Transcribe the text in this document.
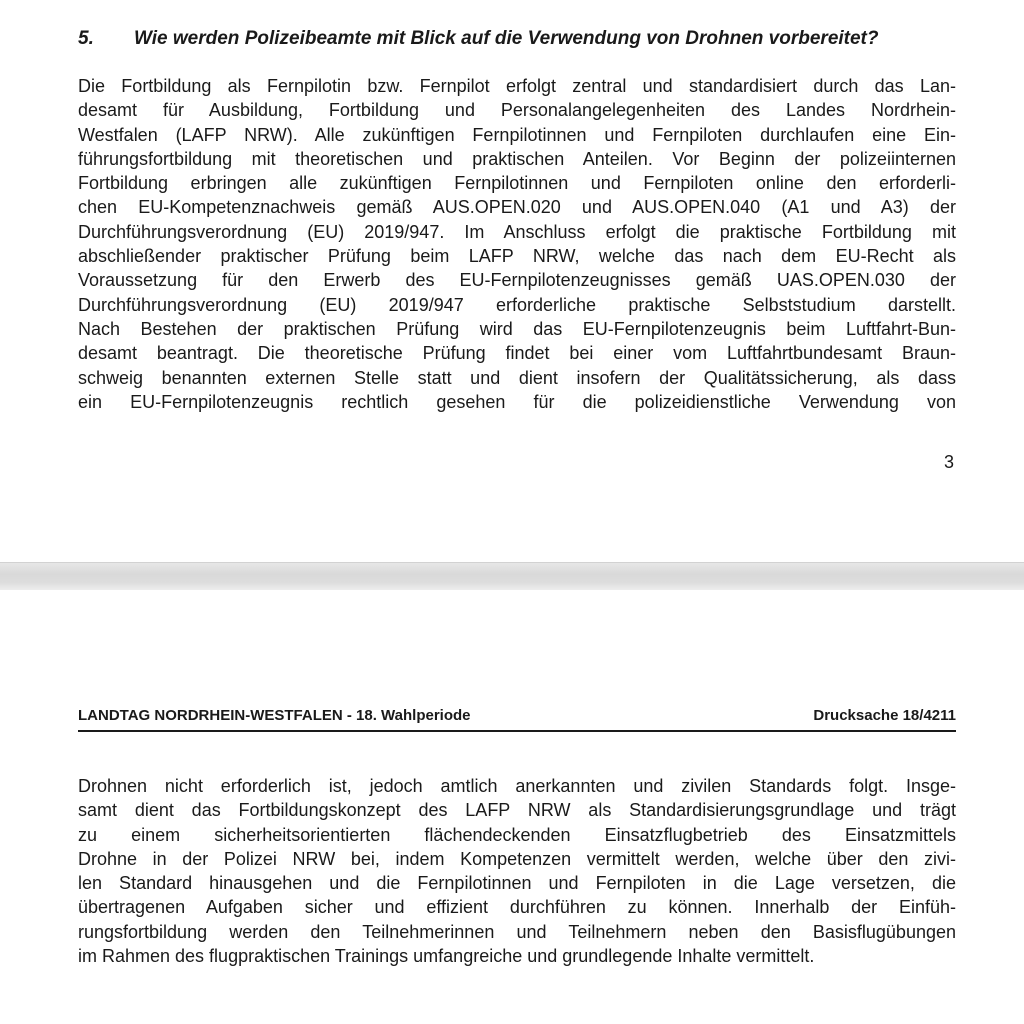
5. Wie werden Polizeibeamte mit Blick auf die Verwendung von Drohnen vorbereitet?
Die Fortbildung als Fernpilotin bzw. Fernpilot erfolgt zentral und standardisiert durch das Lan-
desamt für Ausbildung, Fortbildung und Personalangelegenheiten des Landes Nordrhein-
Westfalen (LAFP NRW). Alle zukünftigen Fernpilotinnen und Fernpiloten durchlaufen eine Ein-
führungsfortbildung mit theoretischen und praktischen Anteilen. Vor Beginn der polizeiinternen
Fortbildung erbringen alle zukünftigen Fernpilotinnen und Fernpiloten online den erforderli-
chen EU-Kompetenznachweis gemäß AUS.OPEN.020 und AUS.OPEN.040 (A1 und A3) der
Durchführungsverordnung (EU) 2019/947. Im Anschluss erfolgt die praktische Fortbildung mit
abschließender praktischer Prüfung beim LAFP NRW, welche das nach dem EU-Recht als
Voraussetzung für den Erwerb des EU-Fernpilotenzeugnisses gemäß UAS.OPEN.030 der
Durchführungsverordnung (EU) 2019/947 erforderliche praktische Selbststudium darstellt.
Nach Bestehen der praktischen Prüfung wird das EU-Fernpilotenzeugnis beim Luftfahrt-Bun-
desamt beantragt. Die theoretische Prüfung findet bei einer vom Luftfahrtbundesamt Braun-
schweig benannten externen Stelle statt und dient insofern der Qualitätssicherung, als dass
ein EU-Fernpilotenzeugnis rechtlich gesehen für die polizeidienstliche Verwendung von
3
LANDTAG NORDRHEIN-WESTFALEN - 18. Wahlperiode	Drucksache 18/4211
Drohnen nicht erforderlich ist, jedoch amtlich anerkannten und zivilen Standards folgt. Insge-
samt dient das Fortbildungskonzept des LAFP NRW als Standardisierungsgrundlage und trägt
zu einem sicherheitsorientierten flächendeckenden Einsatzflugbetrieb des Einsatzmittels
Drohne in der Polizei NRW bei, indem Kompetenzen vermittelt werden, welche über den zivi-
len Standard hinausgehen und die Fernpilotinnen und Fernpiloten in die Lage versetzen, die
übertragenen Aufgaben sicher und effizient durchführen zu können. Innerhalb der Einfüh-
rungsfortbildung werden den Teilnehmerinnen und Teilnehmern neben den Basisflugübungen
im Rahmen des flugpraktischen Trainings umfangreiche und grundlegende Inhalte vermittelt.
